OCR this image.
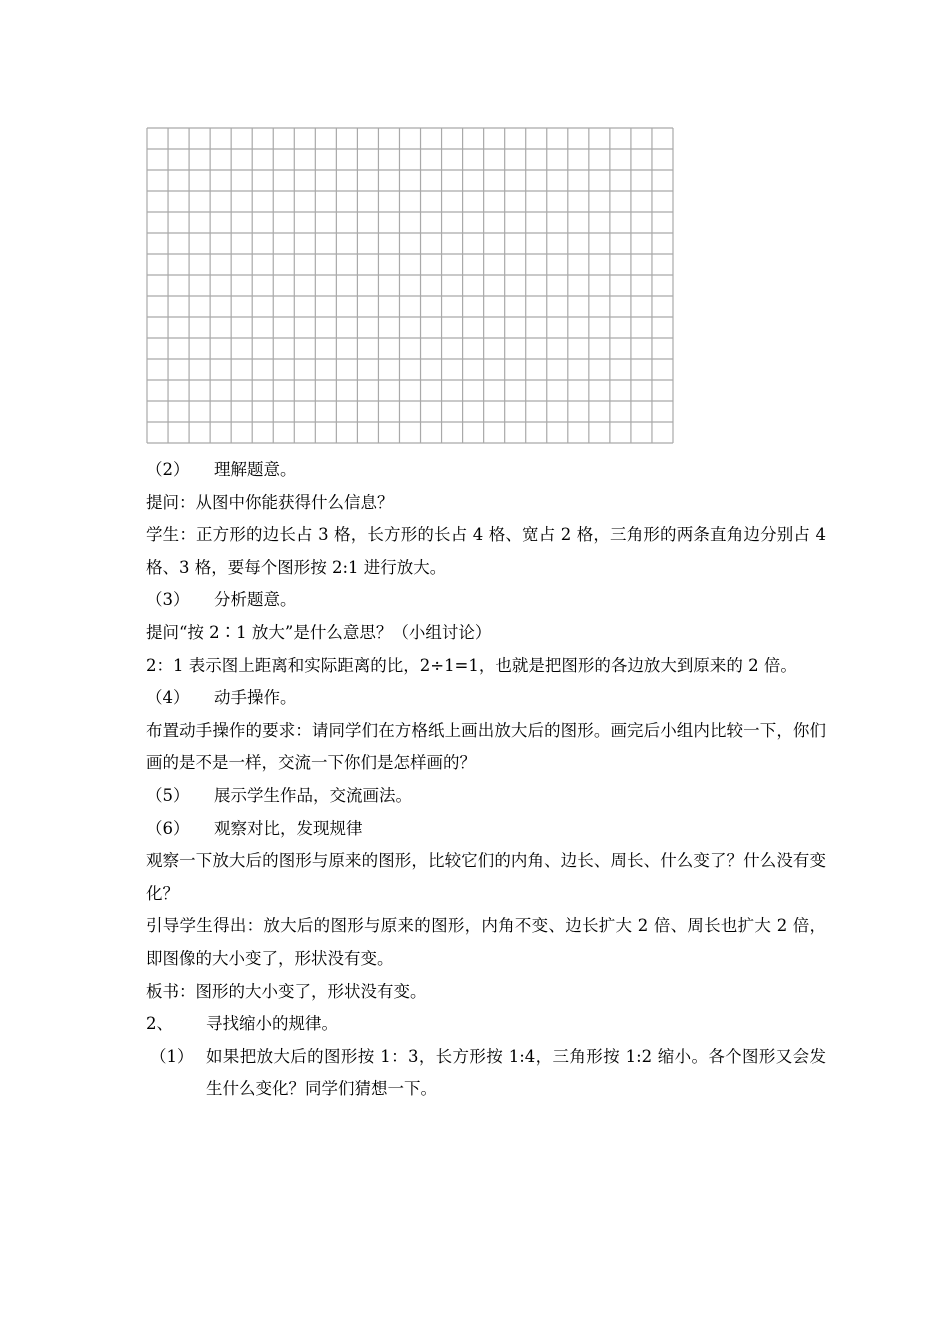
（2） 理解题意。
提问：从图中你能获得什么信息？
学生：正方形的边长占 3 格，长方形的长占 4 格、宽占 2 格，三角形的两条直角边分别占 4 格、3 格，要每个图形按 2:1 进行放大。
（3） 分析题意。
提问“按 2∶1 放大”是什么意思？（小组讨论）
2：1 表示图上距离和实际距离的比，2÷1=1，也就是把图形的各边放大到原来的 2 倍。
（4） 动手操作。
布置动手操作的要求：请同学们在方格纸上画出放大后的图形。画完后小组内比较一下，你们画的是不是一样，交流一下你们是怎样画的？
（5） 展示学生作品，交流画法。
（6） 观察对比，发现规律
观察一下放大后的图形与原来的图形，比较它们的内角、边长、周长、什么变了？什么没有变化？
引导学生得出：放大后的图形与原来的图形，内角不变、边长扩大 2 倍、周长也扩大 2 倍，即图像的大小变了，形状没有变。
板书：图形的大小变了，形状没有变。
2、 寻找缩小的规律。
（1） 如果把放大后的图形按 1：3，长方形按 1:4，三角形按 1:2 缩小。各个图形又会发生什么变化？同学们猜想一下。
